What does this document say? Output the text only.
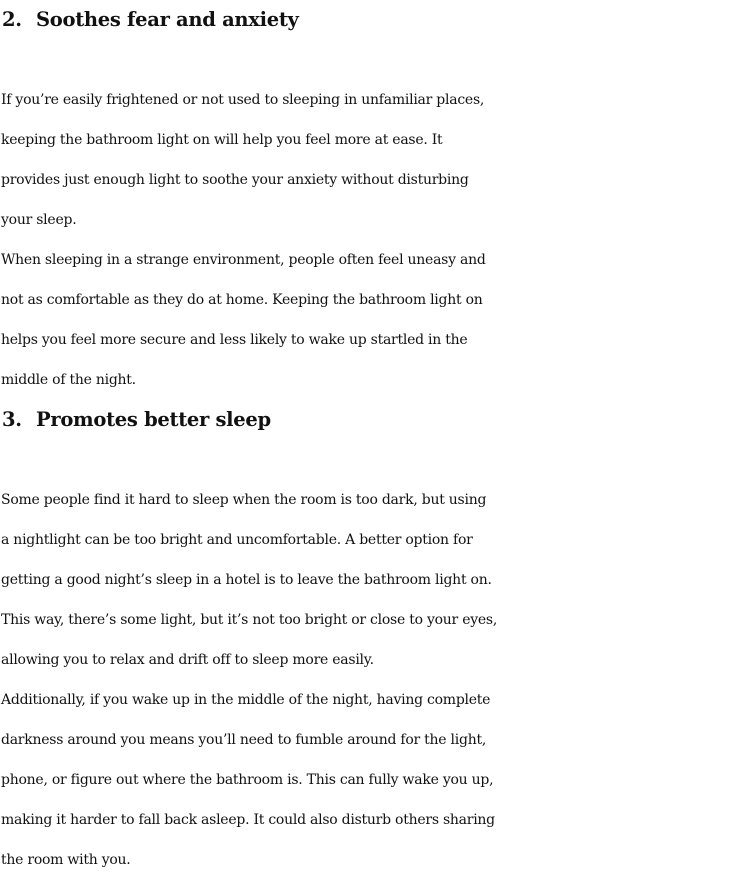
2. Soothes fear and anxiety

If you’re easily frightened or not used to sleeping in unfamiliar places,
keeping the bathroom light on will help you feel more at ease. It
provides just enough light to soothe your anxiety without disturbing
your sleep.

When sleeping in a strange environment, people often feel uneasy and
not as comfortable as they do at home. Keeping the bathroom light on
helps you feel more secure and less likely to wake up startled in the
middle of the night.

3. Promotes better sleep

Some people find it hard to sleep when the room is too dark, but using
a nightlight can be too bright and uncomfortable. A better option for
getting a good night’s sleep in a hotel is to leave the bathroom light on.
This way, there’s some light, but it’s not too bright or close to your eyes,
allowing you to relax and drift off to sleep more easily.

Additionally, if you wake up in the middle of the night, having complete
darkness around you means you’ll need to fumble around for the light,
phone, or figure out where the bathroom is. This can fully wake you up,
making it harder to fall back asleep. It could also disturb others sharing
the room with you.
